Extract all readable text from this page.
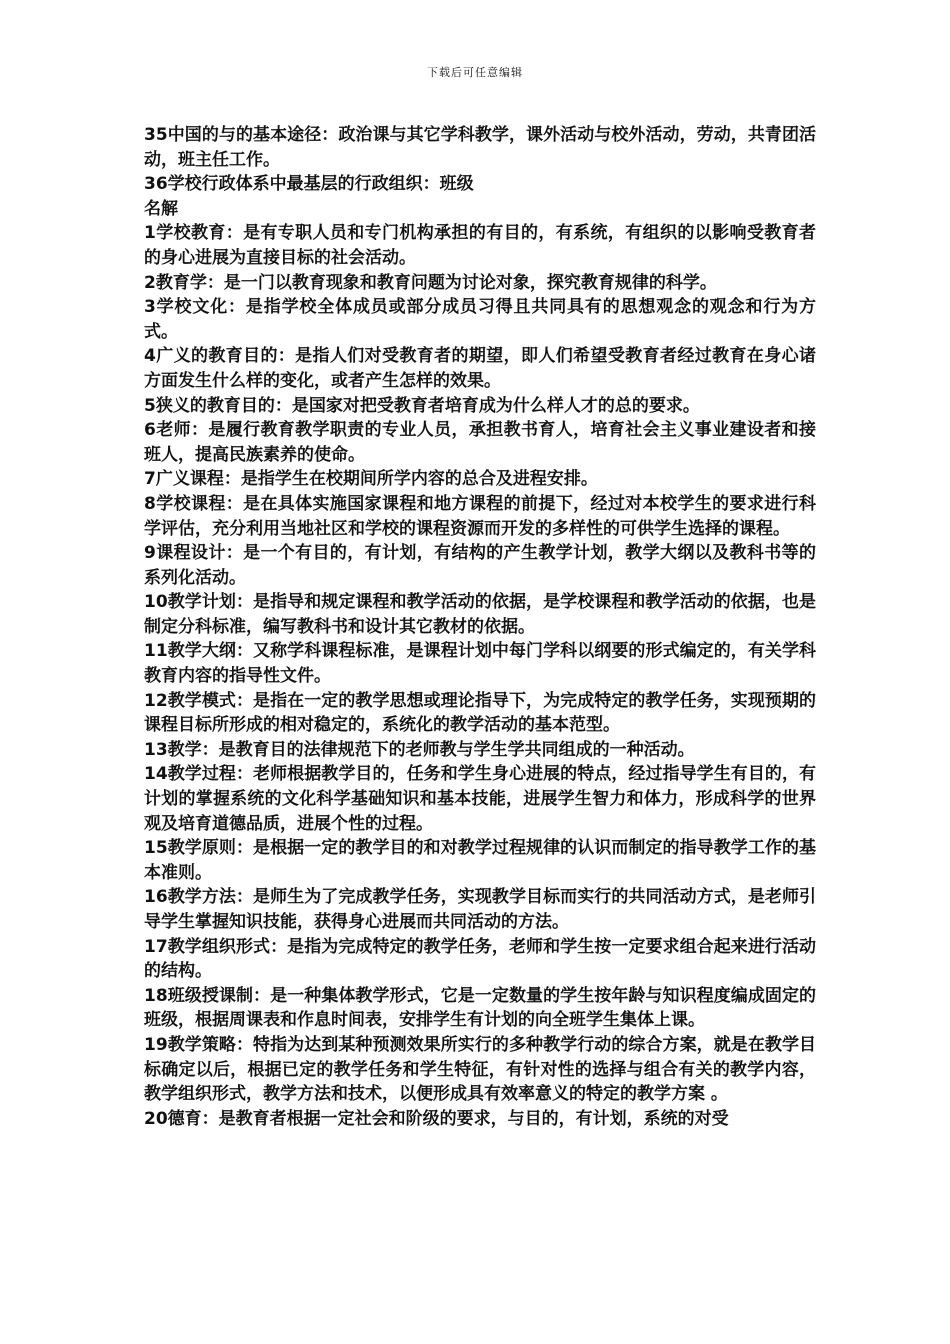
下载后可任意编辑

35中国的与的基本途径：政治课与其它学科教学，课外活动与校外活动，劳动，共青团活动，班主任工作。

36学校行政体系中最基层的行政组织：班级

名解

1学校教育：是有专职人员和专门机构承担的有目的，有系统，有组织的以影响受教育者的身心进展为直接目标的社会活动。

2教育学：是一门以教育现象和教育问题为讨论对象，探究教育规律的科学。

3学校文化：是指学校全体成员或部分成员习得且共同具有的思想观念的观念和行为方式。

4广义的教育目的：是指人们对受教育者的期望，即人们希望受教育者经过教育在身心诸方面发生什么样的变化，或者产生怎样的效果。

5狭义的教育目的：是国家对把受教育者培育成为什么样人才的总的要求。

6老师：是履行教育教学职责的专业人员，承担教书育人，培育社会主义事业建设者和接班人，提高民族素养的使命。

7广义课程：是指学生在校期间所学内容的总合及进程安排。

8学校课程：是在具体实施国家课程和地方课程的前提下，经过对本校学生的要求进行科学评估，充分利用当地社区和学校的课程资源而开发的多样性的可供学生选择的课程。

9课程设计：是一个有目的，有计划，有结构的产生教学计划，教学大纲以及教科书等的系列化活动。

10教学计划：是指导和规定课程和教学活动的依据，是学校课程和教学活动的依据，也是制定分科标准，编写教科书和设计其它教材的依据。

11教学大纲：又称学科课程标准，是课程计划中每门学科以纲要的形式编定的，有关学科教育内容的指导性文件。

12教学模式：是指在一定的教学思想或理论指导下，为完成特定的教学任务，实现预期的课程目标所形成的相对稳定的，系统化的教学活动的基本范型。

13教学：是教育目的法律规范下的老师教与学生学共同组成的一种活动。

14教学过程：老师根据教学目的，任务和学生身心进展的特点，经过指导学生有目的，有计划的掌握系统的文化科学基础知识和基本技能，进展学生智力和体力，形成科学的世界观及培育道德品质，进展个性的过程。

15教学原则：是根据一定的教学目的和对教学过程规律的认识而制定的指导教学工作的基本准则。

16教学方法：是师生为了完成教学任务，实现教学目标而实行的共同活动方式，是老师引导学生掌握知识技能，获得身心进展而共同活动的方法。

17教学组织形式：是指为完成特定的教学任务，老师和学生按一定要求组合起来进行活动的结构。

18班级授课制：是一种集体教学形式，它是一定数量的学生按年龄与知识程度编成固定的班级，根据周课表和作息时间表，安排学生有计划的向全班学生集体上课。

19教学策略：特指为达到某种预测效果所实行的多种教学行动的综合方案，就是在教学目标确定以后，根据已定的教学任务和学生特征，有针对性的选择与组合有关的教学内容，教学组织形式，教学方法和技术，以便形成具有效率意义的特定的教学方案 。

20德育：是教育者根据一定社会和阶级的要求，与目的，有计划，系统的对受
